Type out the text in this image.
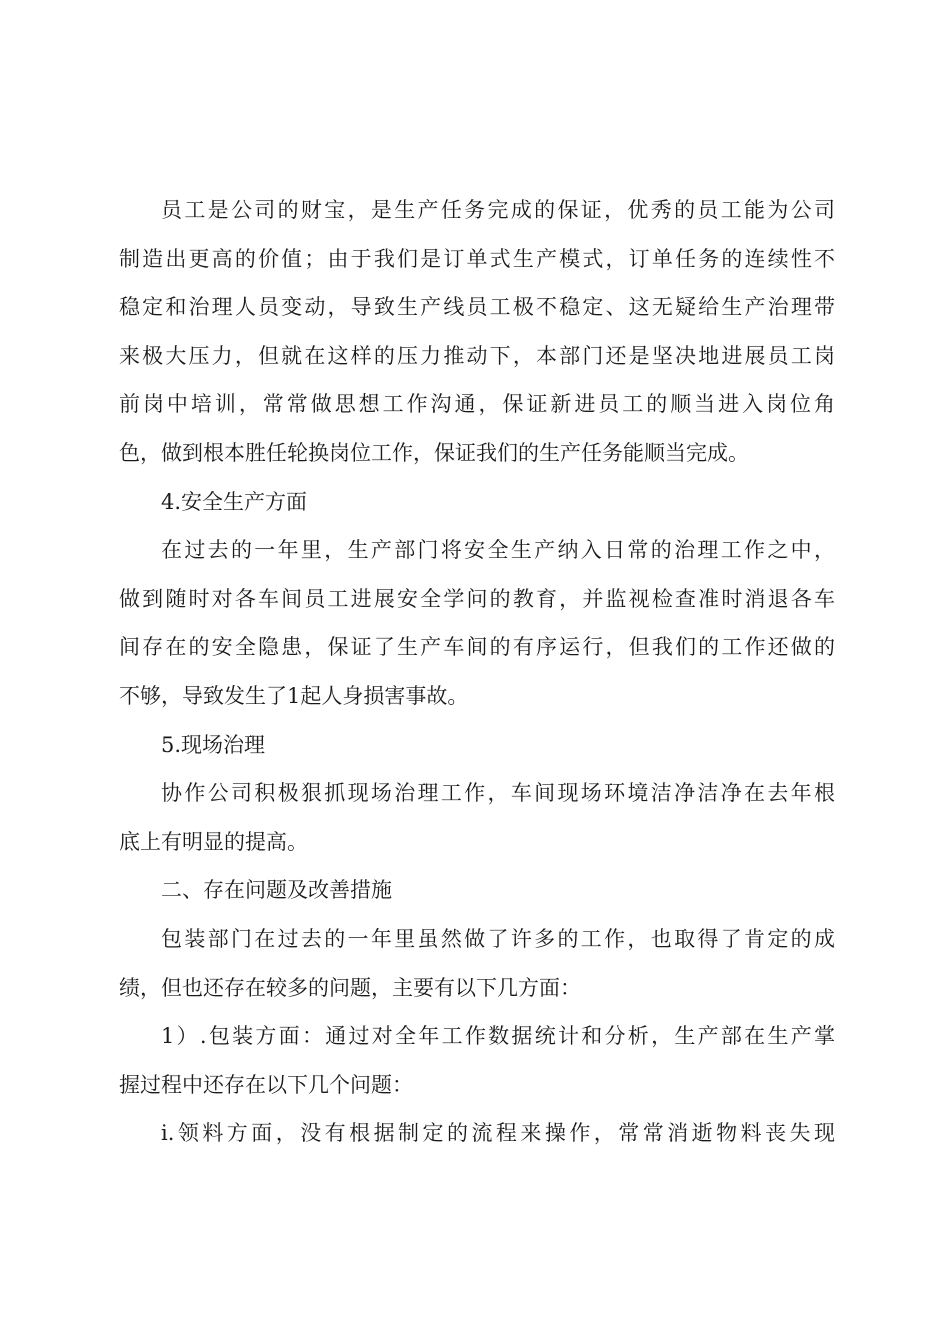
员工是公司的财宝，是生产任务完成的保证，优秀的员工能为公司
制造出更高的价值；由于我们是订单式生产模式，订单任务的连续性不
稳定和治理人员变动，导致生产线员工极不稳定、这无疑给生产治理带
来极大压力，但就在这样的压力推动下，本部门还是坚决地进展员工岗
前岗中培训，常常做思想工作沟通，保证新进员工的顺当进入岗位角
色，做到根本胜任轮换岗位工作，保证我们的生产任务能顺当完成。
4.安全生产方面
在过去的一年里，生产部门将安全生产纳入日常的治理工作之中，
做到随时对各车间员工进展安全学问的教育，并监视检查准时消退各车
间存在的安全隐患，保证了生产车间的有序运行，但我们的工作还做的
不够，导致发生了1起人身损害事故。
5.现场治理
协作公司积极狠抓现场治理工作，车间现场环境洁净洁净在去年根
底上有明显的提高。
二、存在问题及改善措施
包装部门在过去的一年里虽然做了许多的工作，也取得了肯定的成
绩，但也还存在较多的问题，主要有以下几方面：
1）.包装方面：通过对全年工作数据统计和分析，生产部在生产掌
握过程中还存在以下几个问题：
i.领料方面，没有根据制定的流程来操作，常常消逝物料丧失现
